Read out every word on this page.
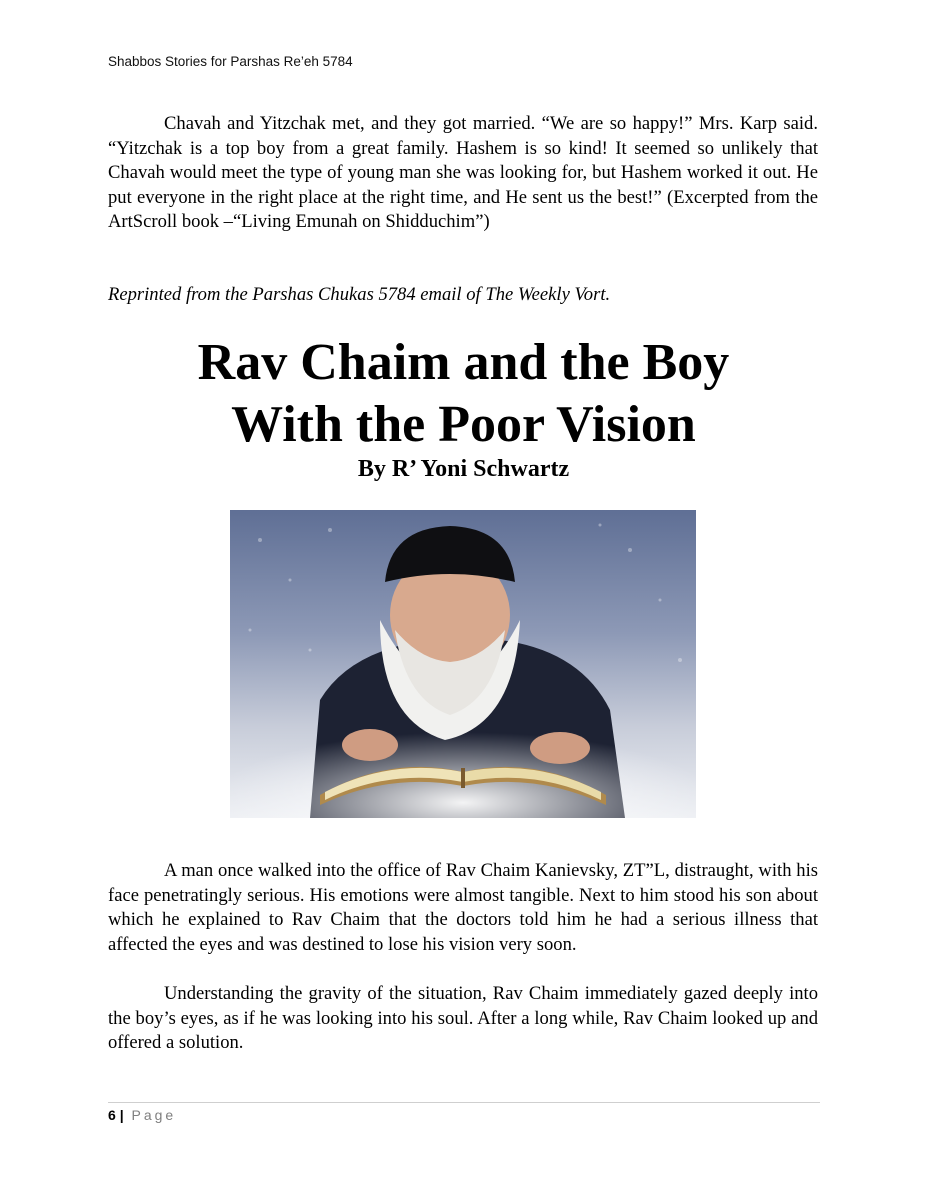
Shabbos Stories for Parshas Re’eh 5784

Chavah and Yitzchak met, and they got married. “We are so happy!” Mrs. Karp said. “Yitzchak is a top boy from a great family. Hashem is so kind! It seemed so unlikely that Chavah would meet the type of young man she was looking for, but Hashem worked it out. He put everyone in the right place at the right time, and He sent us the best!” (Excerpted from the ArtScroll book –“Living Emunah on Shidduchim”)

Reprinted from the Parshas Chukas 5784 email of The Weekly Vort.

Rav Chaim and the Boy

With the Poor Vision

By R’ Yoni Schwartz

A man once walked into the office of Rav Chaim Kanievsky, ZT”L, distraught, with his face penetratingly serious. His emotions were almost tangible. Next to him stood his son about which he explained to Rav Chaim that the doctors told him he had a serious illness that affected the eyes and was destined to lose his vision very soon.

Understanding the gravity of the situation, Rav Chaim immediately gazed deeply into the boy’s eyes, as if he was looking into his soul. After a long while, Rav Chaim looked up and offered a solution.

6 | Page
